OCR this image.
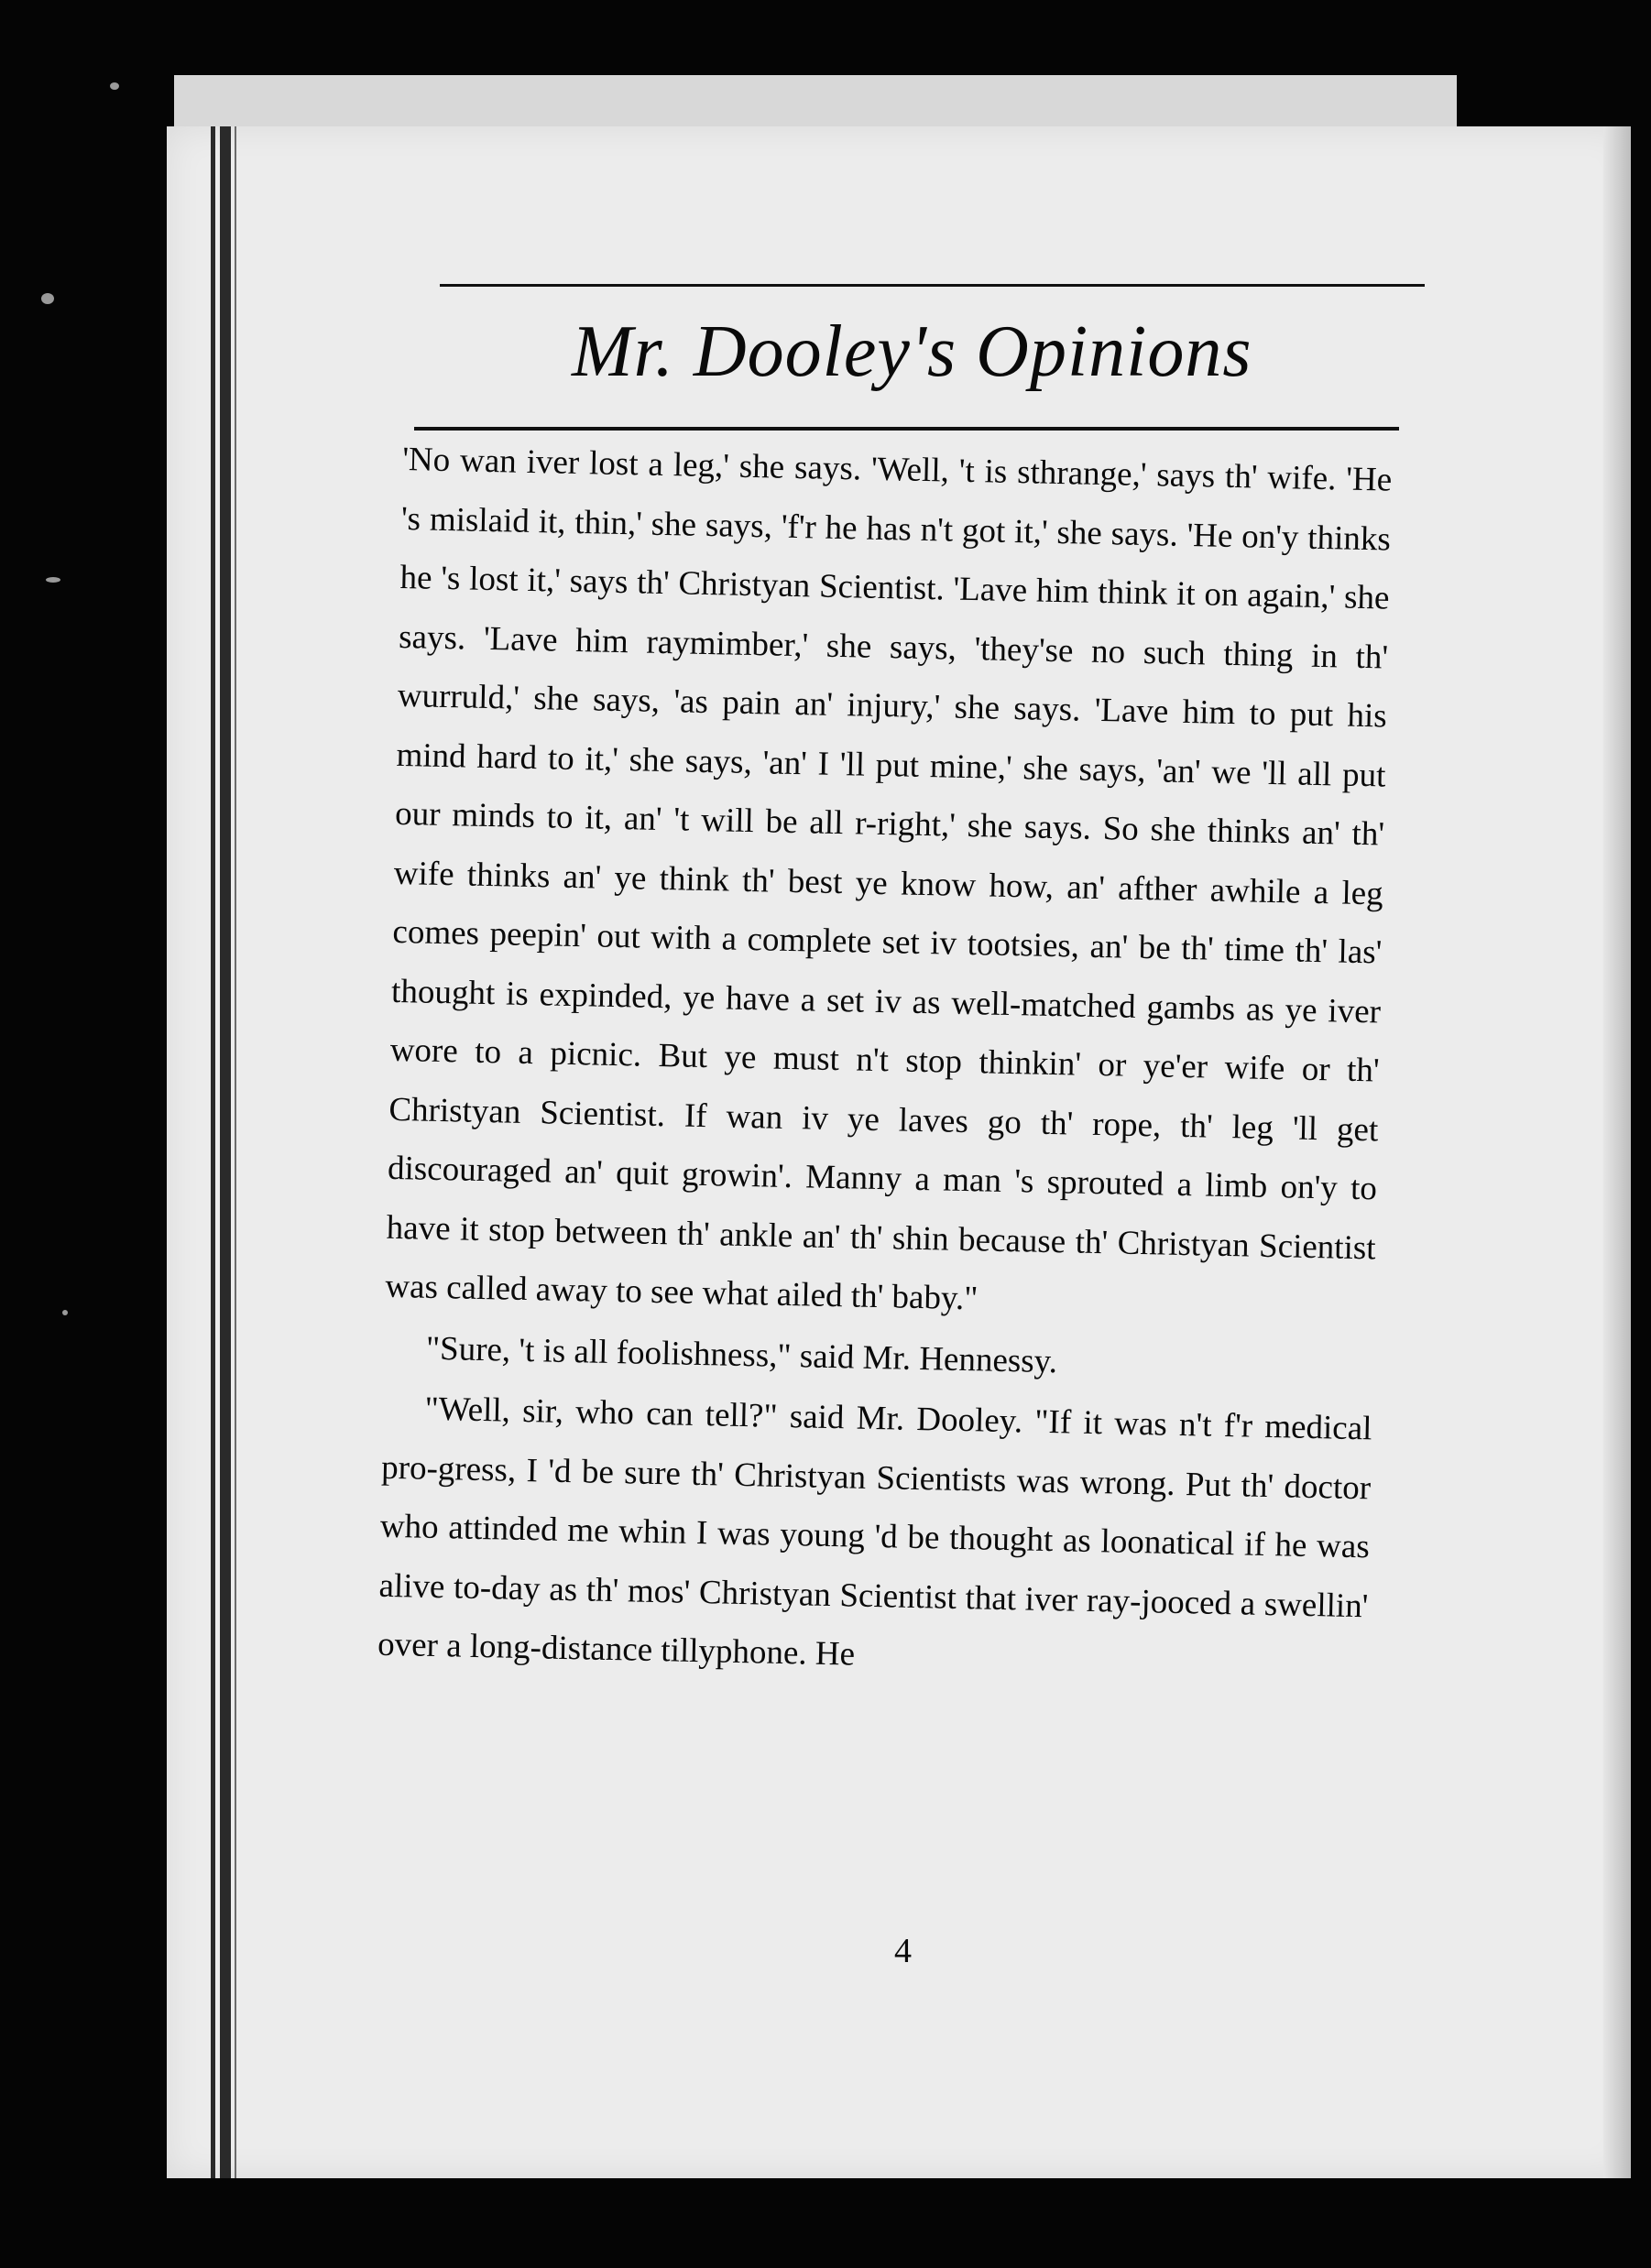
Mr. Dooley's Opinions

'No wan iver lost a leg,' she says. 'Well, 't is sthrange,' says th' wife. 'He 's mislaid it, thin,' she says, 'f'r he has n't got it,' she says. 'He on'y thinks he 's lost it,' says th' Christyan Scientist. 'Lave him think it on again,' she says. 'Lave him raymimber,' she says, 'they'se no such thing in th' wurruld,' she says, 'as pain an' injury,' she says. 'Lave him to put his mind hard to it,' she says, 'an' I 'll put mine,' she says, 'an' we 'll all put our minds to it, an' 't will be all r-right,' she says. So she thinks an' th' wife thinks an' ye think th' best ye know how, an' afther awhile a leg comes peepin' out with a complete set iv tootsies, an' be th' time th' las' thought is expinded, ye have a set iv as well-matched gambs as ye iver wore to a picnic. But ye must n't stop thinkin' or ye'er wife or th' Christyan Scientist. If wan iv ye laves go th' rope, th' leg 'll get discouraged an' quit growin'. Manny a man 's sprouted a limb on'y to have it stop between th' ankle an' th' shin because th' Christyan Scientist was called away to see what ailed th' baby."

"Sure, 't is all foolishness," said Mr. Hennessy.

"Well, sir, who can tell?" said Mr. Dooley. "If it was n't f'r medical pro-gress, I 'd be sure th' Christyan Scientists was wrong. Put th' doctor who attinded me whin I was young 'd be thought as loonatical if he was alive to-day as th' mos' Christyan Scientist that iver ray-jooced a swellin' over a long-distance tillyphone. He

4
